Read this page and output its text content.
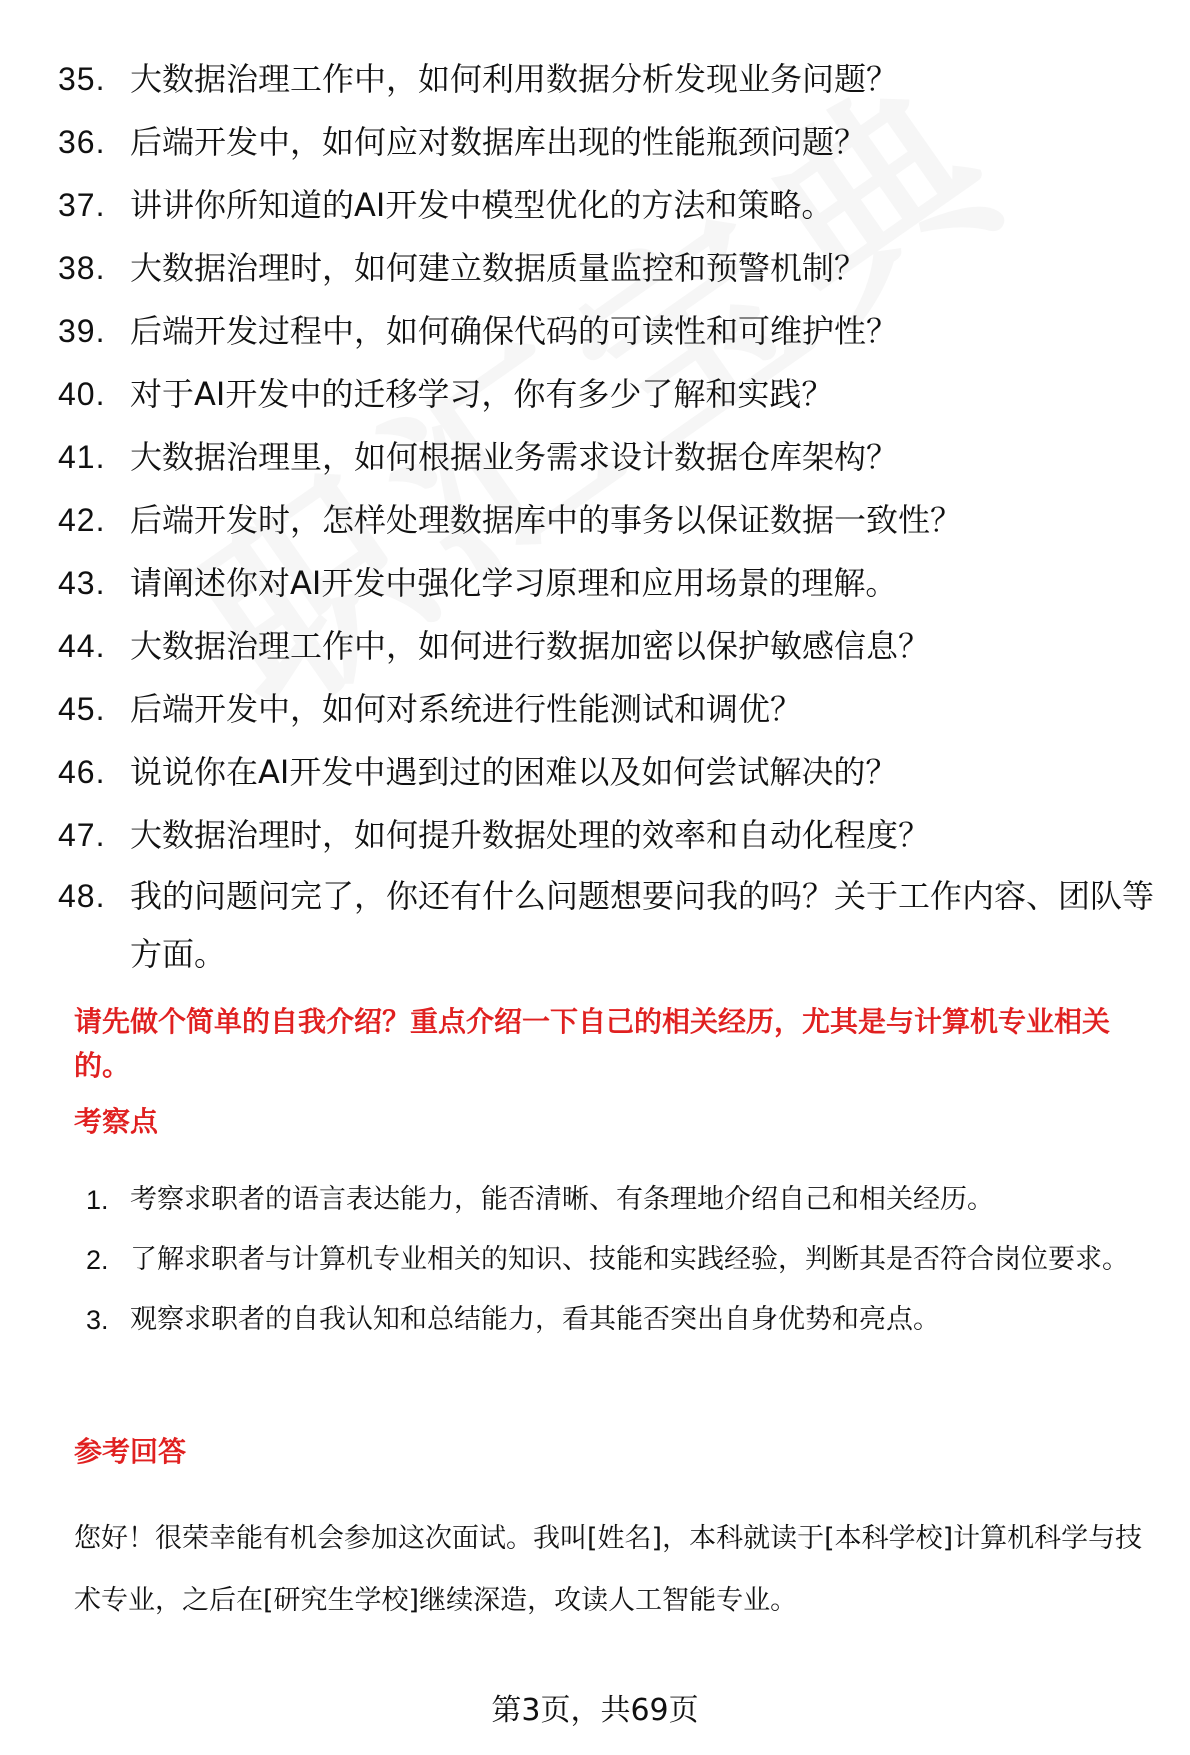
35. 大数据治理工作中，如何利用数据分析发现业务问题？
36. 后端开发中，如何应对数据库出现的性能瓶颈问题？
37. 讲讲你所知道的AI开发中模型优化的方法和策略。
38. 大数据治理时，如何建立数据质量监控和预警机制？
39. 后端开发过程中，如何确保代码的可读性和可维护性？
40. 对于AI开发中的迁移学习，你有多少了解和实践？
41. 大数据治理里，如何根据业务需求设计数据仓库架构？
42. 后端开发时，怎样处理数据库中的事务以保证数据一致性？
43. 请阐述你对AI开发中强化学习原理和应用场景的理解。
44. 大数据治理工作中，如何进行数据加密以保护敏感信息？
45. 后端开发中，如何对系统进行性能测试和调优？
46. 说说你在AI开发中遇到过的困难以及如何尝试解决的？
47. 大数据治理时，如何提升数据处理的效率和自动化程度？
48. 我的问题问完了，你还有什么问题想要问我的吗？关于工作内容、团队等方面。

请先做个简单的自我介绍？重点介绍一下自己的相关经历，尤其是与计算机专业相关的。

考察点

1. 考察求职者的语言表达能力，能否清晰、有条理地介绍自己和相关经历。
2. 了解求职者与计算机专业相关的知识、技能和实践经验，判断其是否符合岗位要求。
3. 观察求职者的自我认知和总结能力，看其能否突出自身优势和亮点。

参考回答

您好！很荣幸能有机会参加这次面试。我叫[姓名]，本科就读于[本科学校]计算机科学与技术专业，之后在[研究生学校]继续深造，攻读人工智能专业。

第3页，共69页
